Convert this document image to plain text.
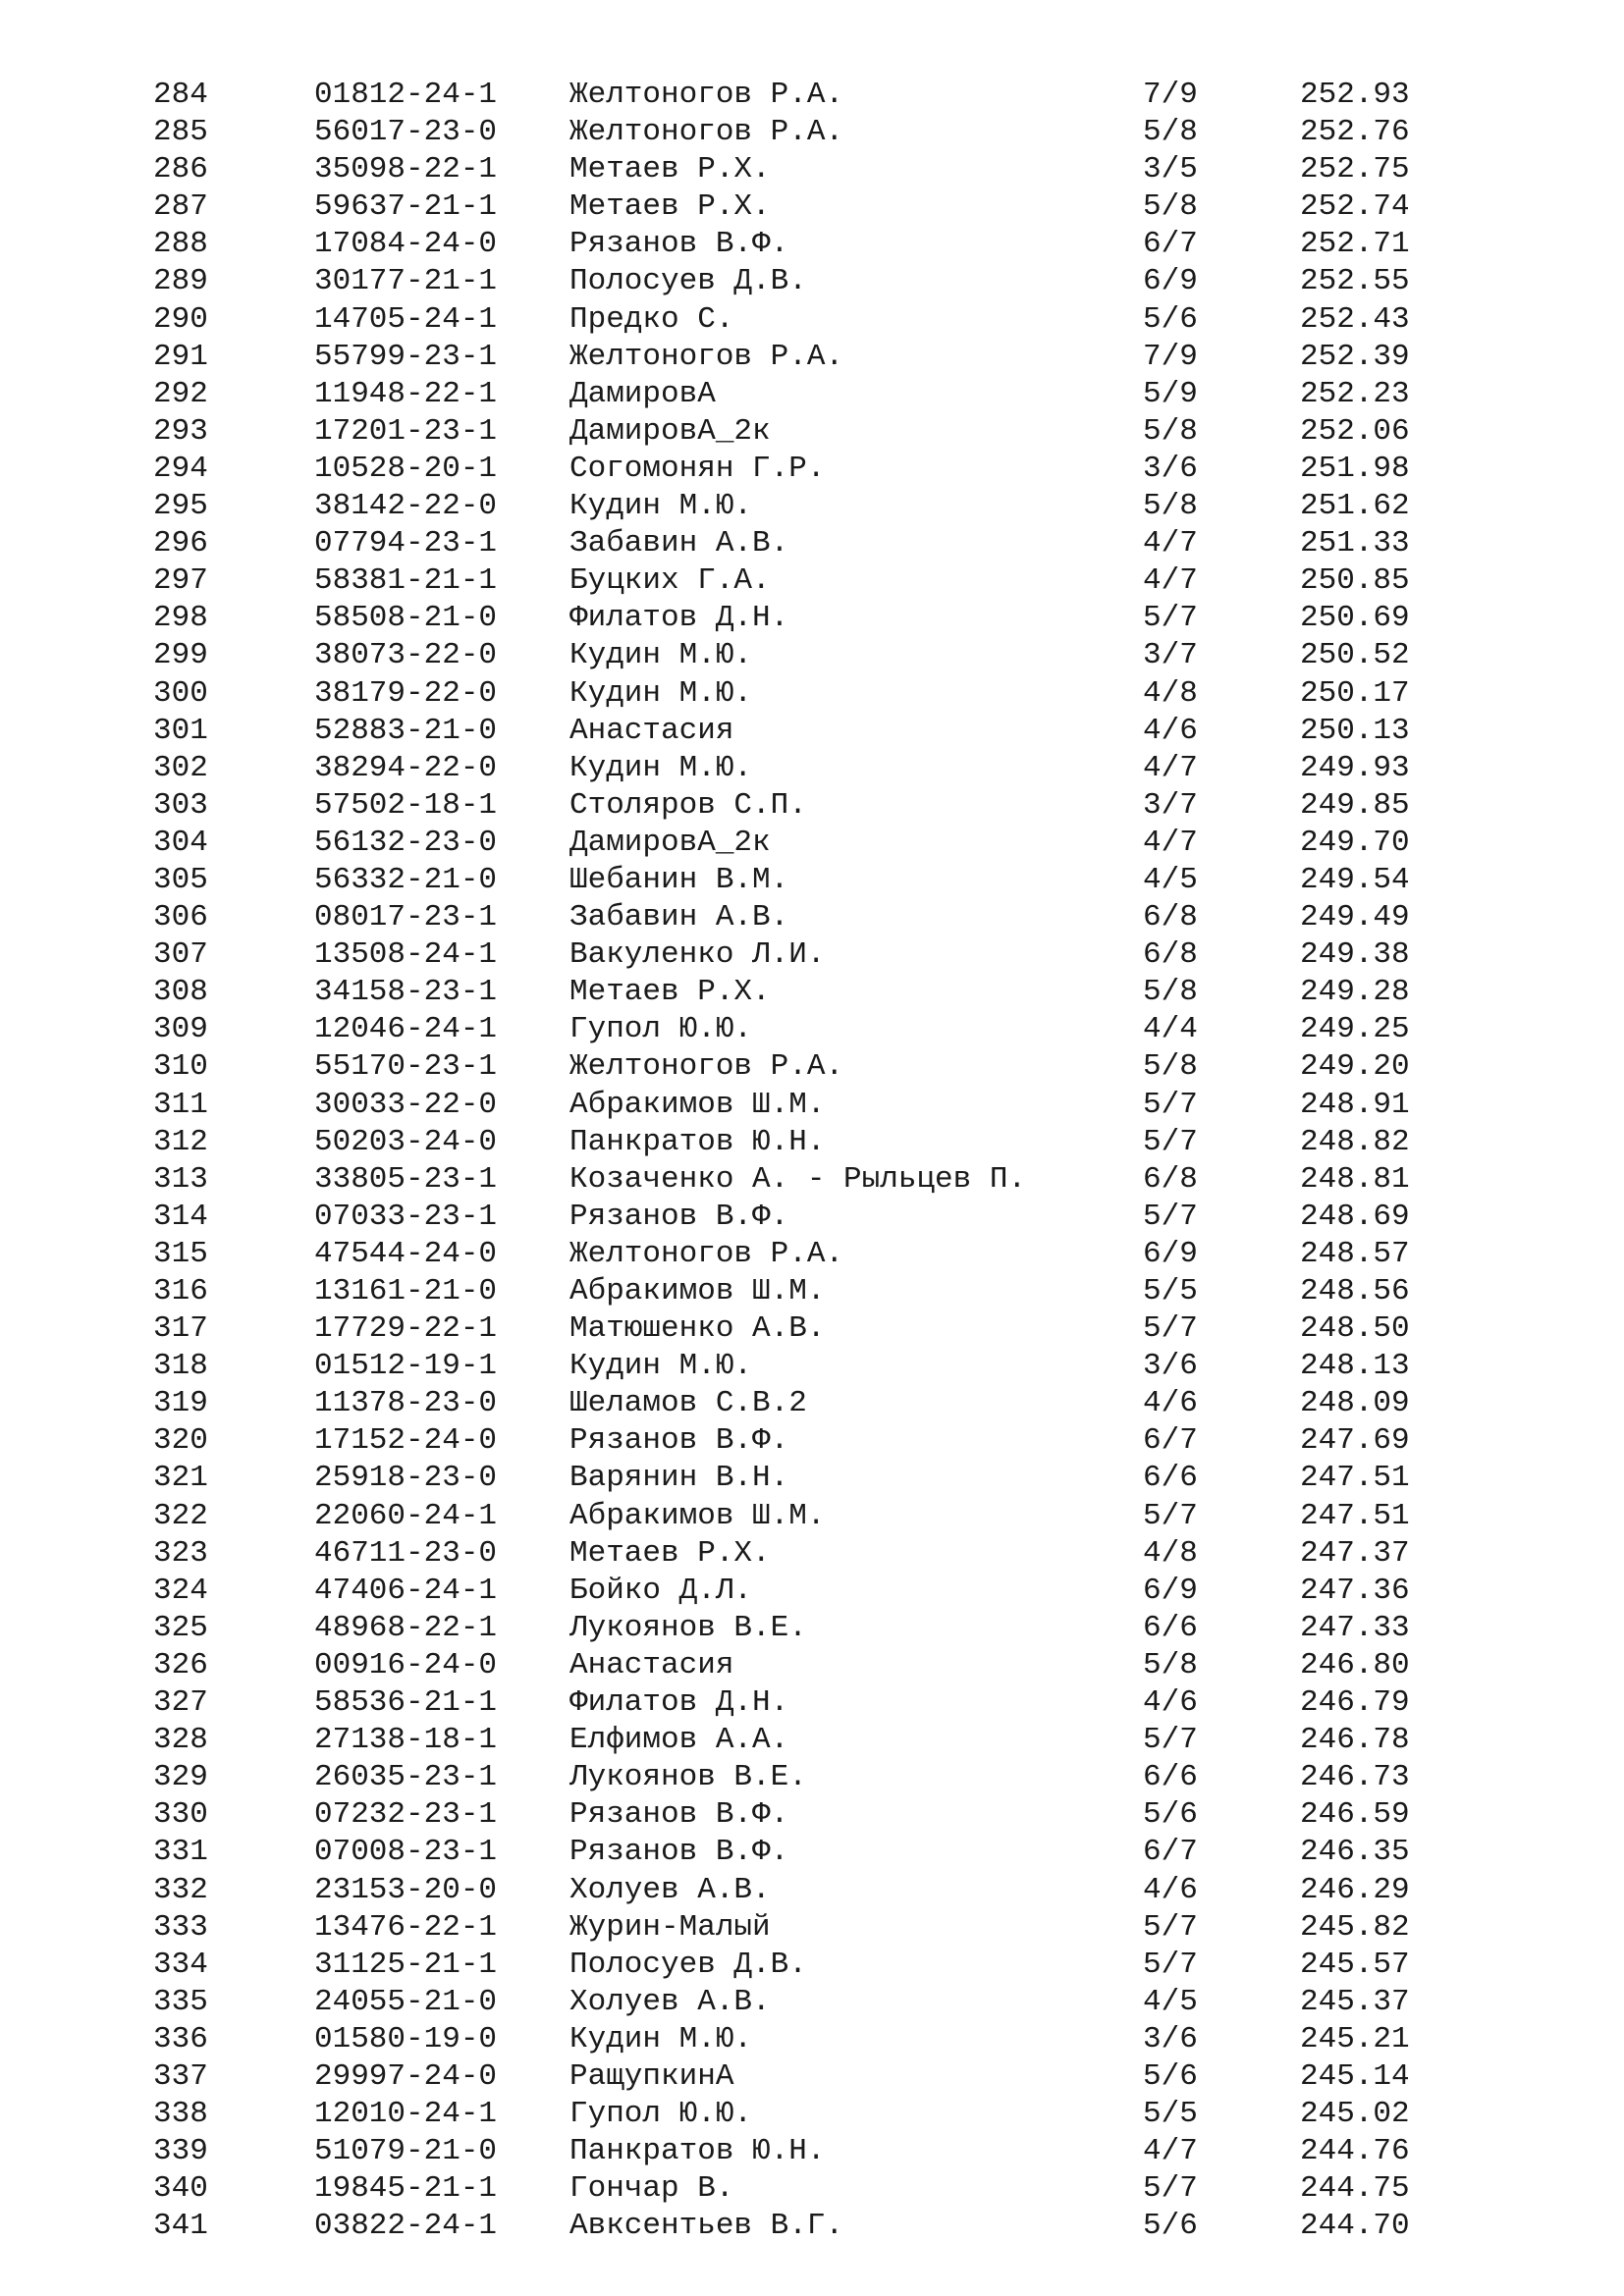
284	01812-24-1 Желтоногов Р.А.	7/9	252.93
285	56017-23-0 Желтоногов Р.А.	5/8	252.76
286	35098-22-1 Метаев Р.Х.	3/5	252.75
287	59637-21-1 Метаев Р.Х.	5/8	252.74
288	17084-24-0 Рязанов В.Ф.	6/7	252.71
289	30177-21-1 Полосуев Д.В.	6/9	252.55
290	14705-24-1 Предко С.	5/6	252.43
291	55799-23-1 Желтоногов Р.А.	7/9	252.39
292	11948-22-1 ДамировА	5/9	252.23
293	17201-23-1 ДамировА_2к	5/8	252.06
294	10528-20-1 Согомонян Г.Р.	3/6	251.98
295	38142-22-0 Кудин М.Ю.	5/8	251.62
296	07794-23-1 Забавин А.В.	4/7	251.33
297	58381-21-1 Буцких Г.А.	4/7	250.85
298	58508-21-0 Филатов Д.Н.	5/7	250.69
299	38073-22-0 Кудин М.Ю.	3/7	250.52
300	38179-22-0 Кудин М.Ю.	4/8	250.17
301	52883-21-0 Анастасия	4/6	250.13
302	38294-22-0 Кудин М.Ю.	4/7	249.93
303	57502-18-1 Столяров С.П.	3/7	249.85
304	56132-23-0 ДамировА_2к	4/7	249.70
305	56332-21-0 Шебанин В.М.	4/5	249.54
306	08017-23-1 Забавин А.В.	6/8	249.49
307	13508-24-1 Вакуленко Л.И.	6/8	249.38
308	34158-23-1 Метаев Р.Х.	5/8	249.28
309	12046-24-1 Гупол Ю.Ю.	4/4	249.25
310	55170-23-1 Желтоногов Р.А.	5/8	249.20
311	30033-22-0 Абракимов Ш.М.	5/7	248.91
312	50203-24-0 Панкратов Ю.Н.	5/7	248.82
313	33805-23-1 Козаченко А. - Рыльцев П.	6/8	248.81
314	07033-23-1 Рязанов В.Ф.	5/7	248.69
315	47544-24-0 Желтоногов Р.А.	6/9	248.57
316	13161-21-0 Абракимов Ш.М.	5/5	248.56
317	17729-22-1 Матюшенко А.В.	5/7	248.50
318	01512-19-1 Кудин М.Ю.	3/6	248.13
319	11378-23-0 Шеламов С.В.2	4/6	248.09
320	17152-24-0 Рязанов В.Ф.	6/7	247.69
321	25918-23-0 Варянин В.Н.	6/6	247.51
322	22060-24-1 Абракимов Ш.М.	5/7	247.51
323	46711-23-0 Метаев Р.Х.	4/8	247.37
324	47406-24-1 Бойко Д.Л.	6/9	247.36
325	48968-22-1 Лукоянов В.Е.	6/6	247.33
326	00916-24-0 Анастасия	5/8	246.80
327	58536-21-1 Филатов Д.Н.	4/6	246.79
328	27138-18-1 Елфимов А.А.	5/7	246.78
329	26035-23-1 Лукоянов В.Е.	6/6	246.73
330	07232-23-1 Рязанов В.Ф.	5/6	246.59
331	07008-23-1 Рязанов В.Ф.	6/7	246.35
332	23153-20-0 Холуев А.В.	4/6	246.29
333	13476-22-1 Журин-Малый	5/7	245.82
334	31125-21-1 Полосуев Д.В.	5/7	245.57
335	24055-21-0 Холуев А.В.	4/5	245.37
336	01580-19-0 Кудин М.Ю.	3/6	245.21
337	29997-24-0 РащупкинА	5/6	245.14
338	12010-24-1 Гупол Ю.Ю.	5/5	245.02
339	51079-21-0 Панкратов Ю.Н.	4/7	244.76
340	19845-21-1 Гончар В.	5/7	244.75
341	03822-24-1 Авксентьев В.Г.	5/6	244.70
